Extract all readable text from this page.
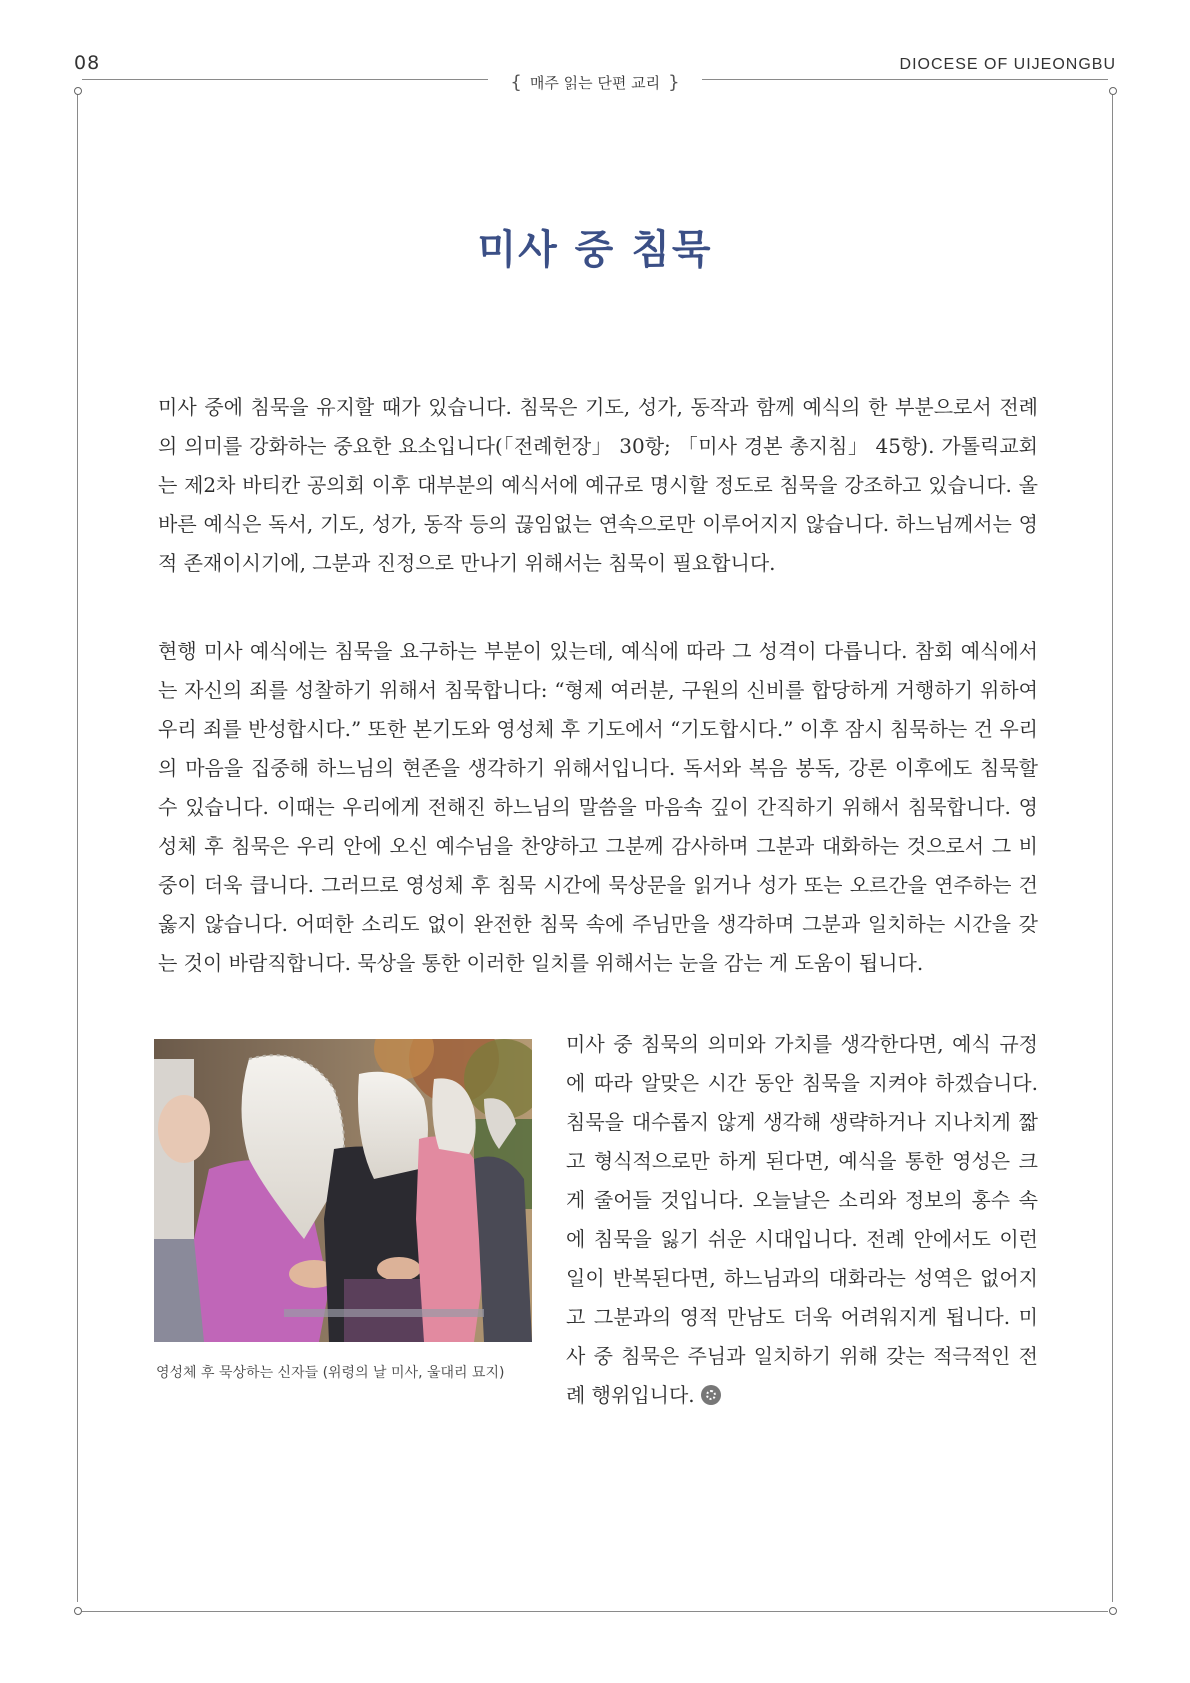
08	DIOCESE OF UIJEONGBU
{ 매주 읽는 단편 교리 }
미사 중 침묵
미사 중에 침묵을 유지할 때가 있습니다. 침묵은 기도, 성가, 동작과 함께 예식의 한 부분으로서 전례의 의미를 강화하는 중요한 요소입니다(「전례헌장」 30항; 「미사 경본 총지침」 45항). 가톨릭교회는 제2차 바티칸 공의회 이후 대부분의 예식서에 예규로 명시할 정도로 침묵을 강조하고 있습니다. 올바른 예식은 독서, 기도, 성가, 동작 등의 끊임없는 연속으로만 이루어지지 않습니다. 하느님께서는 영적 존재이시기에, 그분과 진정으로 만나기 위해서는 침묵이 필요합니다.
현행 미사 예식에는 침묵을 요구하는 부분이 있는데, 예식에 따라 그 성격이 다릅니다. 참회 예식에서는 자신의 죄를 성찰하기 위해서 침묵합니다: “형제 여러분, 구원의 신비를 합당하게 거행하기 위하여 우리 죄를 반성합시다.” 또한 본기도와 영성체 후 기도에서 “기도합시다.” 이후 잠시 침묵하는 건 우리의 마음을 집중해 하느님의 현존을 생각하기 위해서입니다. 독서와 복음 봉독, 강론 이후에도 침묵할 수 있습니다. 이때는 우리에게 전해진 하느님의 말씀을 마음속 깊이 간직하기 위해서 침묵합니다. 영성체 후 침묵은 우리 안에 오신 예수님을 찬양하고 그분께 감사하며 그분과 대화하는 것으로서 그 비중이 더욱 큽니다. 그러므로 영성체 후 침묵 시간에 묵상문을 읽거나 성가 또는 오르간을 연주하는 건 옳지 않습니다. 어떠한 소리도 없이 완전한 침묵 속에 주님만을 생각하며 그분과 일치하는 시간을 갖는 것이 바람직합니다. 묵상을 통한 이러한 일치를 위해서는 눈을 감는 게 도움이 됩니다.
미사 중 침묵의 의미와 가치를 생각한다면, 예식 규정에 따라 알맞은 시간 동안 침묵을 지켜야 하겠습니다. 침묵을 대수롭지 않게 생각해 생략하거나 지나치게 짧고 형식적으로만 하게 된다면, 예식을 통한 영성은 크게 줄어들 것입니다. 오늘날은 소리와 정보의 홍수 속에 침묵을 잃기 쉬운 시대입니다. 전례 안에서도 이런 일이 반복된다면, 하느님과의 대화라는 성역은 없어지고 그분과의 영적 만남도 더욱 어려워지게 됩니다. 미사 중 침묵은 주님과 일치하기 위해 갖는 적극적인 전례 행위입니다.
영성체 후 묵상하는 신자들 (위령의 날 미사, 울대리 묘지)
